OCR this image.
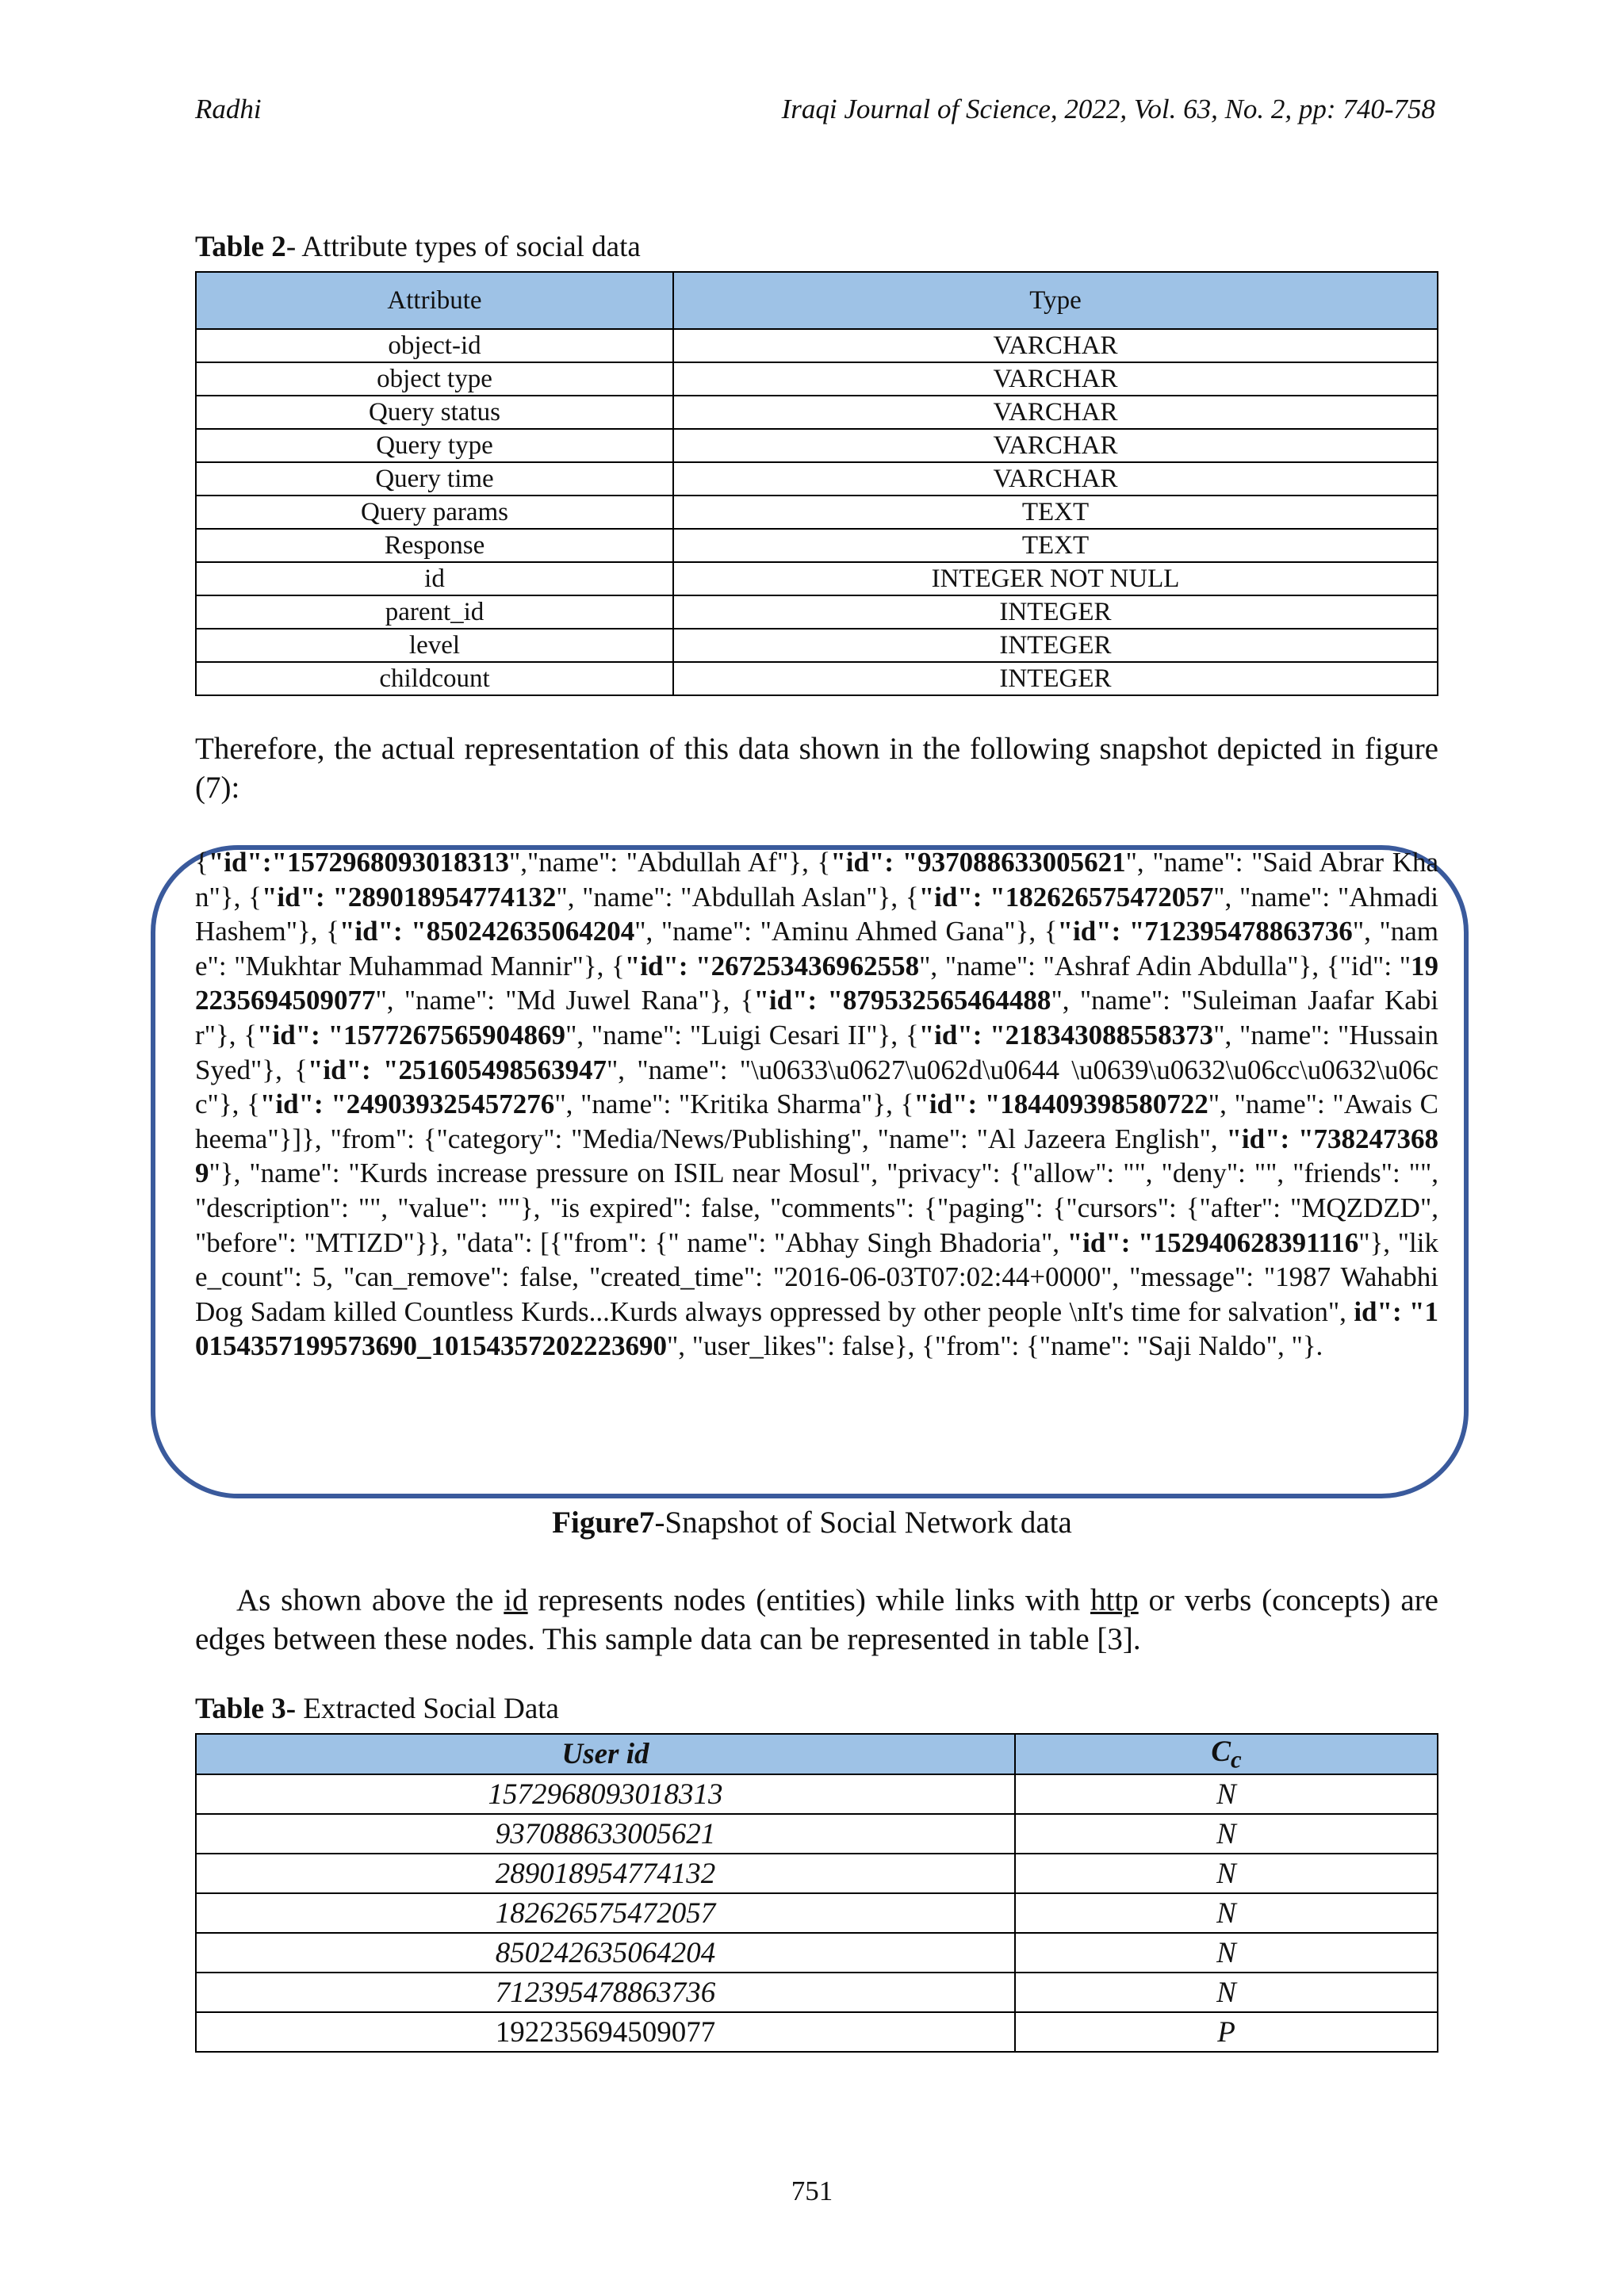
Radhi	Iraqi Journal of Science, 2022, Vol. 63, No. 2, pp: 740-758
Table 2- Attribute types of social data
Attribute	Type
object-id	VARCHAR
object type	VARCHAR
Query status	VARCHAR
Query type	VARCHAR
Query time	VARCHAR
Query params	TEXT
Response	TEXT
id	INTEGER NOT NULL
parent_id	INTEGER
level	INTEGER
childcount	INTEGER
Therefore, the actual representation of this data shown in the following snapshot depicted in figure (7):
{"id":"1572968093018313","name": "Abdullah Af"}, {"id": "937088633005621", "name": "Said Abrar Khan"}, {"id": "289018954774132", "name": "Abdullah Aslan"}, {"id": "182626575472057", "name": "Ahmadi Hashem"}, {"id": "850242635064204", "name": "Aminu Ahmed Gana"}, {"id": "712395478863736", "name": "Mukhtar Muhammad Mannir"}, {"id": "267253436962558", "name": "Ashraf Adin Abdulla"}, {"id": "192235694509077", "name": "Md Juwel Rana"}, {"id": "879532565464488", "name": "Suleiman Jaafar Kabir"}, {"id": "1577267565904869", "name": "Luigi Cesari II"}, {"id": "218343088558373", "name": "Hussain Syed"}, {"id": "251605498563947", "name": "\u0633\u0627\u062d\u0644 \u0639\u0632\u06cc\u0632\u06cc"}, {"id": "249039325457276", "name": "Kritika Sharma"}, {"id": "184409398580722", "name": "Awais Cheema"}]}, "from": {"category": "Media/News/Publishing", "name": "Al Jazeera English", "id": "7382473689"}, "name": "Kurds increase pressure on ISIL near Mosul", "privacy": {"allow": "", "deny": "", "friends": "", "description": "", "value": ""}, "is expired": false, "comments": {"paging": {"cursors": {"after": "MQZDZD", "before": "MTIZD"}}, "data": [{"from": {" name": "Abhay Singh Bhadoria", "id": "152940628391116"}, "like_count": 5, "can_remove": false, "created_time": "2016-06-03T07:02:44+0000", "message": "1987 Wahabhi Dog Sadam killed Countless Kurds...Kurds always oppressed by other people \nIt's time for salvation", id": "10154357199573690_10154357202223690", "user_likes": false}, {"from": {"name": "Saji Naldo", "}.
Figure7-Snapshot of Social Network data
As shown above the id represents nodes (entities) while links with http or verbs (concepts) are edges between these nodes. This sample data can be represented in table [3].
Table 3- Extracted Social Data
User id	$C_c$
1572968093018313	N
937088633005621	N
289018954774132	N
182626575472057	N
850242635064204	N
712395478863736	N
192235694509077	P
751
